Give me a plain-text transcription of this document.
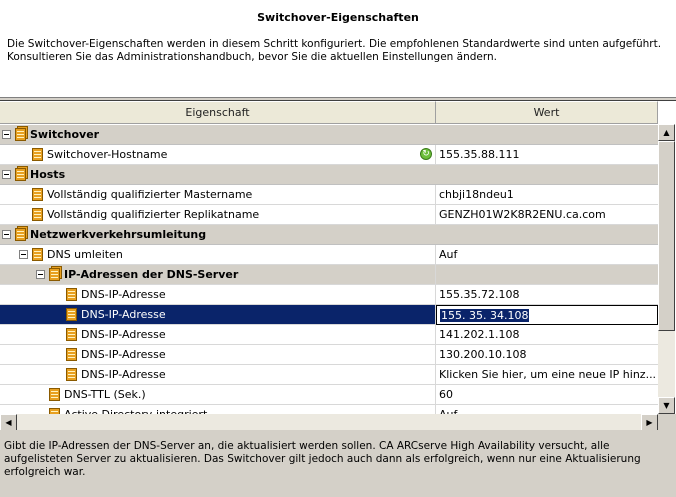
Switchover-Eigenschaften
Die Switchover-Eigenschaften werden in diesem Schritt konfiguriert. Die empfohlenen Standardwerte sind unten aufgeführt. Konsultieren Sie das Administrationshandbuch, bevor Sie die aktuellen Einstellungen ändern.
Eigenschaft	Wert
Switchover
Switchover-Hostname	↻ 155.35.88.111
Hosts
Vollständig qualifizierter Mastername	chbji18ndeu1
Vollständig qualifizierter Replikatname	GENZH01W2K8R2ENU.ca.com
Netzwerkverkehrsumleitung
DNS umleiten	Auf
IP-Adressen der DNS-Server
DNS-IP-Adresse	155.35.72.108
DNS-IP-Adresse	155. 35. 34.108
DNS-IP-Adresse	141.202.1.108
DNS-IP-Adresse	130.200.10.108
DNS-IP-Adresse	Klicken Sie hier, um eine neue IP hinz...
DNS-TTL (Sek.)	60
▲
▼
◀	▶
Gibt die IP-Adressen der DNS-Server an, die aktualisiert werden sollen. CA ARCserve High Availability versucht, alle aufgelisteten Server zu aktualisieren. Das Switchover gilt jedoch auch dann als erfolgreich, wenn nur eine Aktualisierung erfolgreich war.
